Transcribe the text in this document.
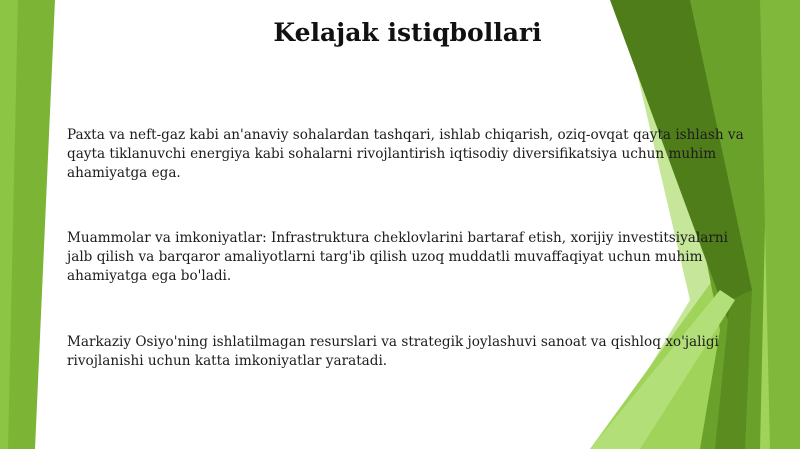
Kelajak istiqbollari

Paxta va neft-gaz kabi an'anaviy sohalardan tashqari, ishlab chiqarish, oziq-ovqat qayta ishlash va qayta tiklanuvchi energiya kabi sohalarni rivojlantirish iqtisodiy diversifikatsiya uchun muhim ahamiyatga ega.

Muammolar va imkoniyatlar: Infrastruktura cheklovlarini bartaraf etish, xorijiy investitsiyalarni jalb qilish va barqaror amaliyotlarni targ'ib qilish uzoq muddatli muvaffaqiyat uchun muhim ahamiyatga ega bo'ladi.

Markaziy Osiyo'ning ishlatilmagan resurslari va strategik joylashuvi sanoat va qishloq xo'jaligi rivojlanishi uchun katta imkoniyatlar yaratadi.
